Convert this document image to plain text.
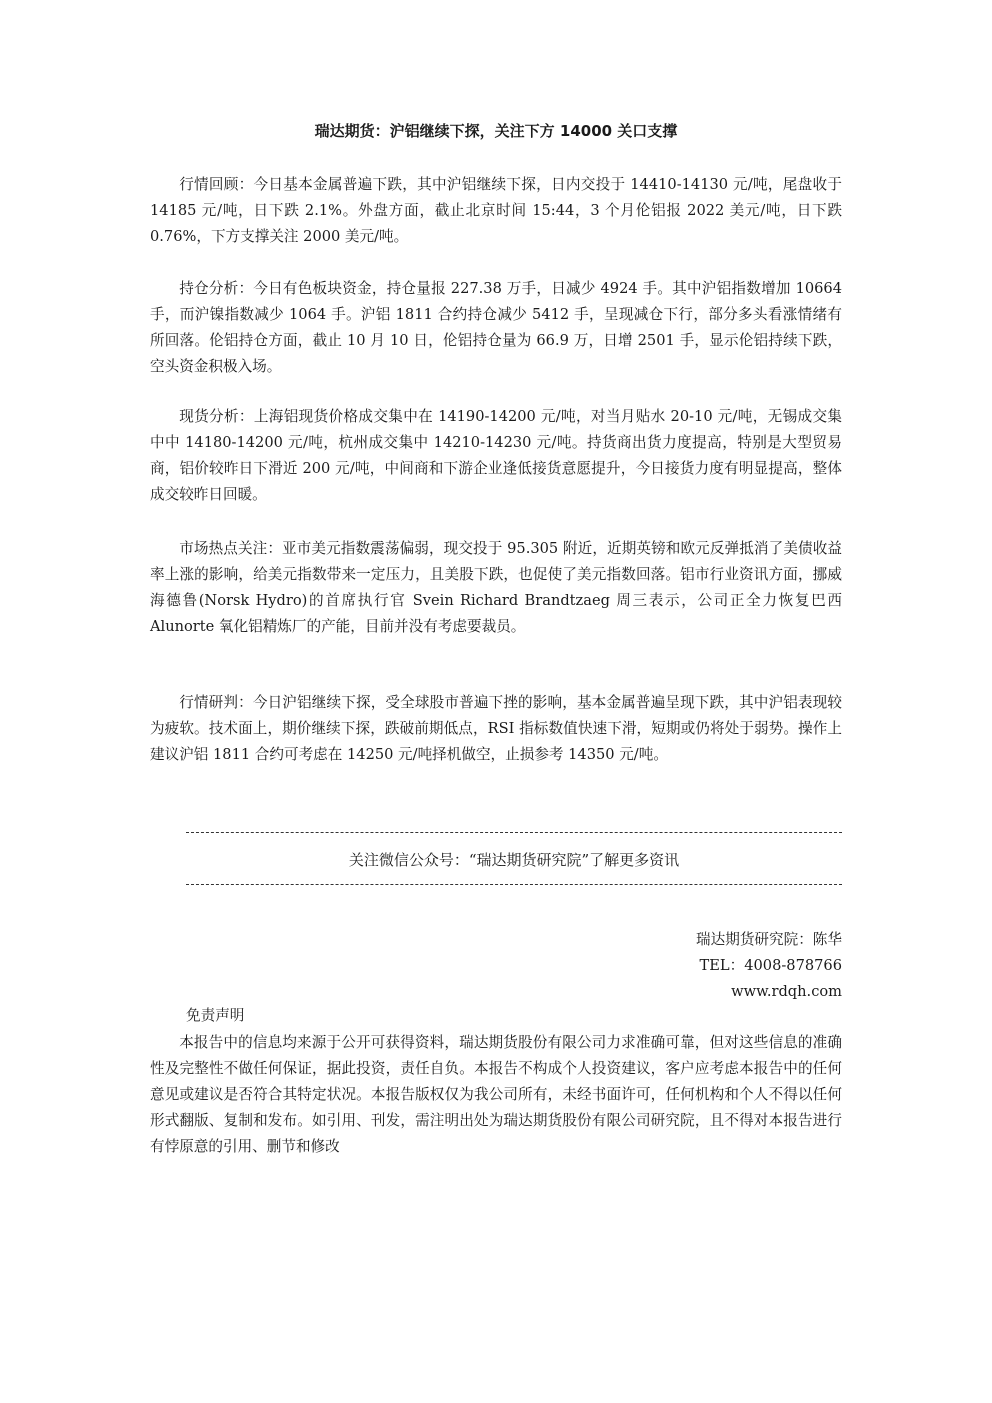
瑞达期货：沪铝继续下探，关注下方 14000 关口支撑

行情回顾：今日基本金属普遍下跌，其中沪铝继续下探，日内交投于 14410-14130 元/吨，尾盘收于 14185 元/吨，日下跌 2.1%。外盘方面，截止北京时间 15:44，3 个月伦铝报 2022 美元/吨，日下跌 0.76%，下方支撑关注 2000 美元/吨。

持仓分析：今日有色板块资金，持仓量报 227.38 万手，日减少 4924 手。其中沪铝指数增加 10664 手，而沪镍指数减少 1064 手。沪铝 1811 合约持仓减少 5412 手，呈现减仓下行，部分多头看涨情绪有所回落。伦铝持仓方面，截止 10 月 10 日，伦铝持仓量为 66.9 万，日增 2501 手，显示伦铝持续下跌，空头资金积极入场。

现货分析：上海铝现货价格成交集中在 14190-14200 元/吨，对当月贴水 20-10 元/吨，无锡成交集中中 14180-14200 元/吨，杭州成交集中 14210-14230 元/吨。持货商出货力度提高，特别是大型贸易商，铝价较昨日下滑近 200 元/吨，中间商和下游企业逢低接货意愿提升，今日接货力度有明显提高，整体成交较昨日回暖。

市场热点关注：亚市美元指数震荡偏弱，现交投于 95.305 附近，近期英镑和欧元反弹抵消了美债收益率上涨的影响，给美元指数带来一定压力，且美股下跌，也促使了美元指数回落。铝市行业资讯方面，挪威海德鲁(Norsk Hydro)的首席执行官 Svein Richard Brandtzaeg 周三表示，公司正全力恢复巴西 Alunorte 氧化铝精炼厂的产能，目前并没有考虑要裁员。

行情研判：今日沪铝继续下探，受全球股市普遍下挫的影响，基本金属普遍呈现下跌，其中沪铝表现较为疲软。技术面上，期价继续下探，跌破前期低点，RSI 指标数值快速下滑，短期或仍将处于弱势。操作上建议沪铝 1811 合约可考虑在 14250 元/吨择机做空，止损参考 14350 元/吨。

关注微信公众号：“瑞达期货研究院”了解更多资讯
瑞达期货研究院：陈华
TEL：4008-878766
www.rdqh.com
免责声明

本报告中的信息均来源于公开可获得资料，瑞达期货股份有限公司力求准确可靠，但对这些信息的准确性及完整性不做任何保证，据此投资，责任自负。本报告不构成个人投资建议，客户应考虑本报告中的任何意见或建议是否符合其特定状况。本报告版权仅为我公司所有，未经书面许可，任何机构和个人不得以任何形式翻版、复制和发布。如引用、刊发，需注明出处为瑞达期货股份有限公司研究院，且不得对本报告进行有悖原意的引用、删节和修改
